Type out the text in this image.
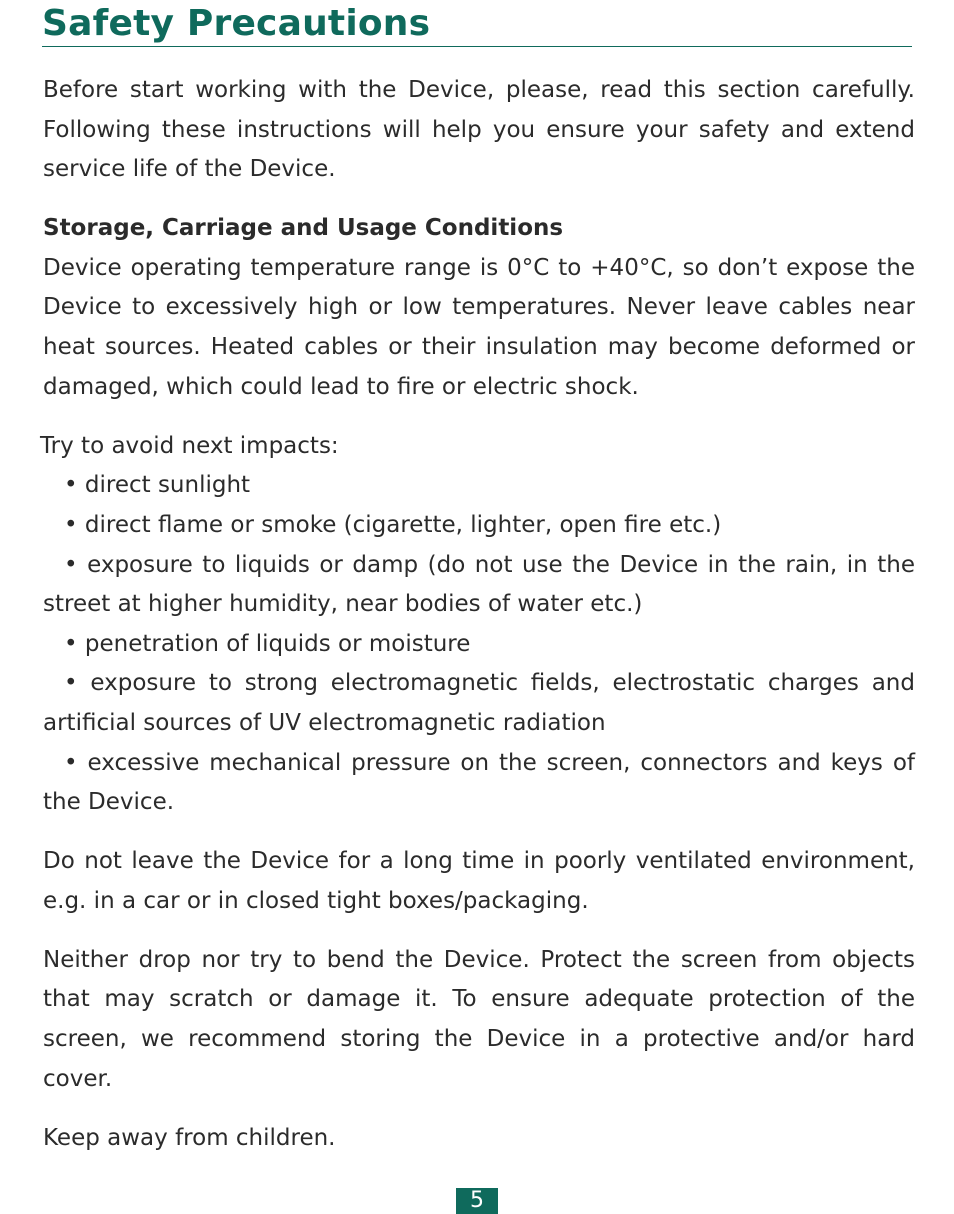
Safety Precautions

Before start working with the Device, please, read this section carefully. Following these instructions will help you ensure your safety and extend service life of the Device.

Storage, Carriage and Usage Conditions

Device operating temperature range is 0°C to +40°C, so don’t expose the Device to excessively high or low temperatures. Never leave cables near heat sources. Heated cables or their insulation may become deformed or damaged, which could lead to fire or electric shock.

Try to avoid next impacts:

• direct sunlight

• direct flame or smoke (cigarette, lighter, open fire etc.)

• exposure to liquids or damp (do not use the Device in the rain, in the street at higher humidity, near bodies of water etc.)

• penetration of liquids or moisture

• exposure to strong electromagnetic fields, electrostatic charges and artificial sources of UV electromagnetic radiation

• excessive mechanical pressure on the screen, connectors and keys of the Device.

Do not leave the Device for a long time in poorly ventilated environment, e.g. in a car or in closed tight boxes/packaging.

Neither drop nor try to bend the Device. Protect the screen from objects that may scratch or damage it. To ensure adequate protection of the screen, we recommend storing the Device in a protective and/or hard cover.

Keep away from children.

5
